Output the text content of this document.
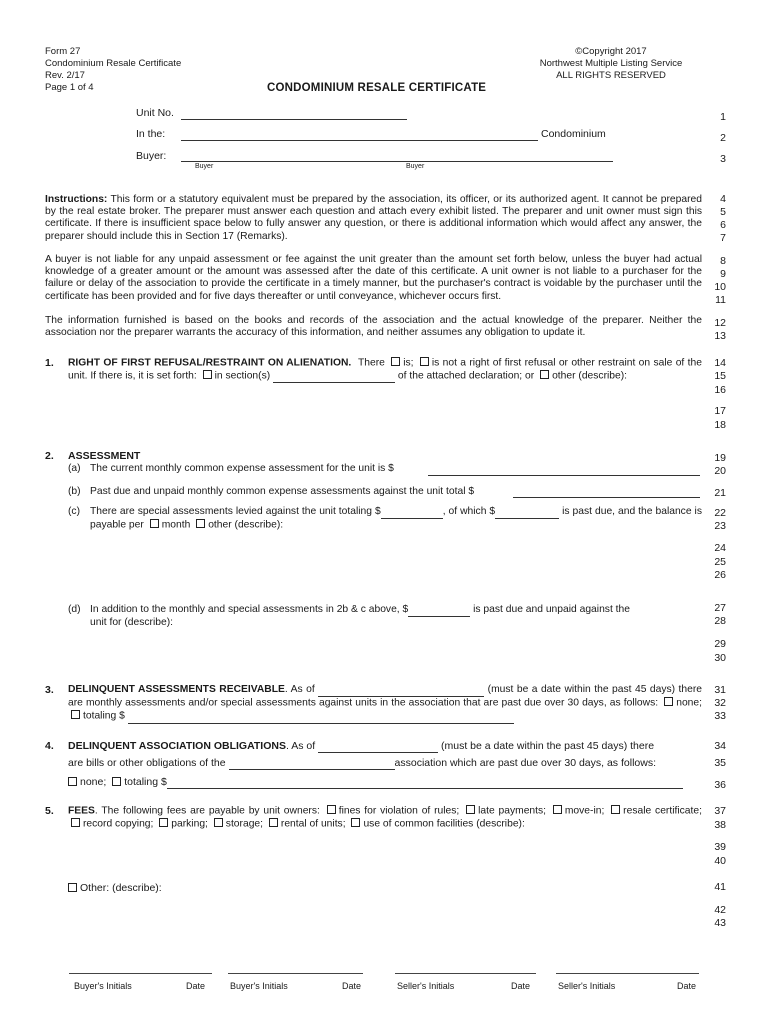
Form 27
Condominium Resale Certificate
Rev. 2/17
Page 1 of 4	CONDOMINIUM RESALE CERTIFICATE
©Copyright 2017
Northwest Multiple Listing Service
ALL RIGHTS RESERVED
Unit No.
In the:	Condominium
Buyer:
Buyer	Buyer
Instructions: This form or a statutory equivalent must be prepared by the association, its officer, or its authorized agent. It cannot be prepared by the real estate broker. The preparer must answer each question and attach every exhibit listed. The preparer and unit owner must sign this certificate. If there is insufficient space below to fully answer any question, or there is additional information which would affect any answer, the preparer should include this in Section 17 (Remarks).
A buyer is not liable for any unpaid assessment or fee against the unit greater than the amount set forth below, unless the buyer had actual knowledge of a greater amount or the amount was assessed after the date of this certificate. A unit owner is not liable to a purchaser for the failure or delay of the association to provide the certificate in a timely manner, but the purchaser's contract is voidable by the purchaser until the certificate has been provided and for five days thereafter or until conveyance, whichever occurs first.
The information furnished is based on the books and records of the association and the actual knowledge of the preparer. Neither the association nor the preparer warrants the accuracy of this information, and neither assumes any obligation to update it.
1. RIGHT OF FIRST REFUSAL/RESTRAINT ON ALIENATION. There is; is not a right of first refusal or other restraint on sale of the unit. If there is, it is set forth: in section(s)	of the attached declaration; or other (describe):
2. ASSESSMENT
(a) The current monthly common expense assessment for the unit is $
(b) Past due and unpaid monthly common expense assessments against the unit total $
(c) There are special assessments levied against the unit totaling $	, of which $	is past due, and the balance is payable per month other (describe):
(d) In addition to the monthly and special assessments in 2b & c above, $	is past due and unpaid against the
unit for (describe):
3. DELINQUENT ASSESSMENTS RECEIVABLE. As of	(must be a date within the past 45 days) there are monthly assessments and/or special assessments against units in the association that are past due over 30 days, as follows: none; totaling $
4. DELINQUENT ASSOCIATION OBLIGATIONS. As of	(must be a date within the past 45 days) there
are bills or other obligations of the	association which are past due over 30 days, as follows:
none; totaling $
5. FEES. The following fees are payable by unit owners: fines for violation of rules; late payments; move-in; resale certificate; record copying; parking; storage; rental of units; use of common facilities (describe):
Other: (describe):
1
2
3
4
5
6
7
8
9
10
11
12
13
14
15
16
17
18
19
20
21
22
23
24
25
26
27
28
29
30
31
32
33
34
35
36
37
38
39
40
41
42
43
Buyer's Initials	Date	Buyer's Initials	Date	Seller's Initials	Date	Seller's Initials	Date
